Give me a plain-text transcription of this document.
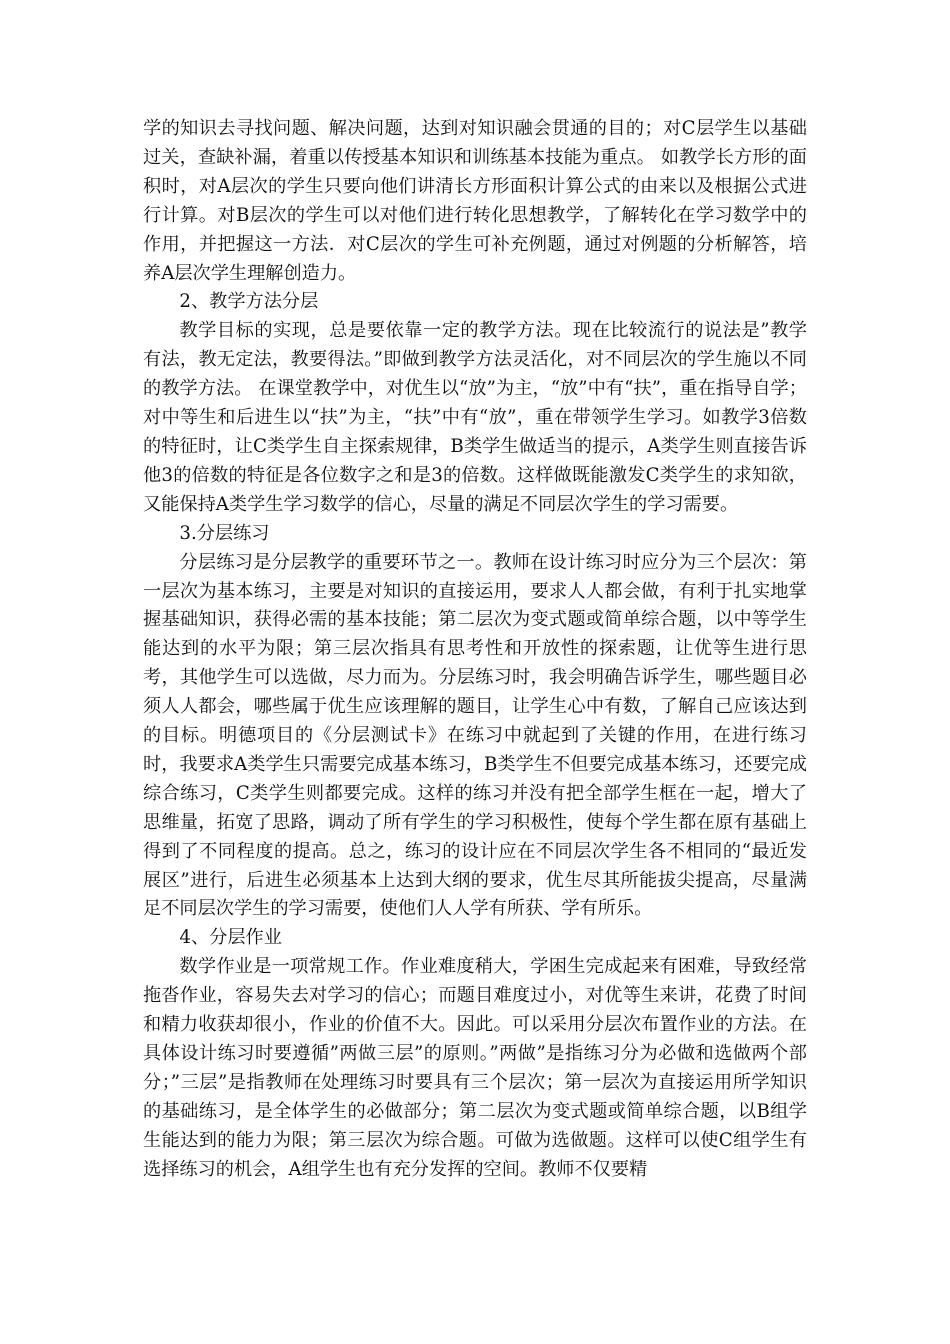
学的知识去寻找问题、解决问题，达到对知识融会贯通的目的；对C层学生以基础过关，查缺补漏，着重以传授基本知识和训练基本技能为重点。 如教学长方形的面积时，对A层次的学生只要向他们讲清长方形面积计算公式的由来以及根据公式进行计算。对B层次的学生可以对他们进行转化思想教学，了解转化在学习数学中的作用，并把握这一方法．对C层次的学生可补充例题，通过对例题的分析解答，培养A层次学生理解创造力。

2、教学方法分层

教学目标的实现，总是要依靠一定的教学方法。现在比较流行的说法是”教学有法，教无定法，教要得法。”即做到教学方法灵活化，对不同层次的学生施以不同的教学方法。 在课堂教学中，对优生以“放”为主，“放”中有“扶”，重在指导自学；对中等生和后进生以“扶”为主，“扶”中有“放”，重在带领学生学习。如教学3倍数的特征时，让C类学生自主探索规律，B类学生做适当的提示，A类学生则直接告诉他3的倍数的特征是各位数字之和是3的倍数。这样做既能激发C类学生的求知欲，又能保持A类学生学习数学的信心，尽量的满足不同层次学生的学习需要。

3.分层练习

分层练习是分层教学的重要环节之一。教师在设计练习时应分为三个层次：第一层次为基本练习，主要是对知识的直接运用，要求人人都会做，有利于扎实地掌握基础知识，获得必需的基本技能；第二层次为变式题或简单综合题，以中等学生能达到的水平为限；第三层次指具有思考性和开放性的探索题，让优等生进行思考，其他学生可以选做，尽力而为。分层练习时，我会明确告诉学生，哪些题目必须人人都会，哪些属于优生应该理解的题目，让学生心中有数，了解自己应该达到的目标。明德项目的《分层测试卡》在练习中就起到了关键的作用，在进行练习时，我要求A类学生只需要完成基本练习，B类学生不但要完成基本练习，还要完成综合练习，C类学生则都要完成。这样的练习并没有把全部学生框在一起，增大了思维量，拓宽了思路，调动了所有学生的学习积极性，使每个学生都在原有基础上得到了不同程度的提高。总之，练习的设计应在不同层次学生各不相同的“最近发展区”进行，后进生必须基本上达到大纲的要求，优生尽其所能拔尖提高，尽量满足不同层次学生的学习需要，使他们人人学有所获、学有所乐。

4、分层作业

数学作业是一项常规工作。作业难度稍大，学困生完成起来有困难，导致经常拖沓作业，容易失去对学习的信心；而题目难度过小，对优等生来讲，花费了时间和精力收获却很小，作业的价值不大。因此。可以采用分层次布置作业的方法。在具体设计练习时要遵循”两做三层”的原则。”两做”是指练习分为必做和选做两个部分；”三层”是指教师在处理练习时要具有三个层次；第一层次为直接运用所学知识的基础练习，是全体学生的必做部分；第二层次为变式题或简单综合题，以B组学生能达到的能力为限；第三层次为综合题。可做为选做题。这样可以使C组学生有选择练习的机会，A组学生也有充分发挥的空间。教师不仅要精
